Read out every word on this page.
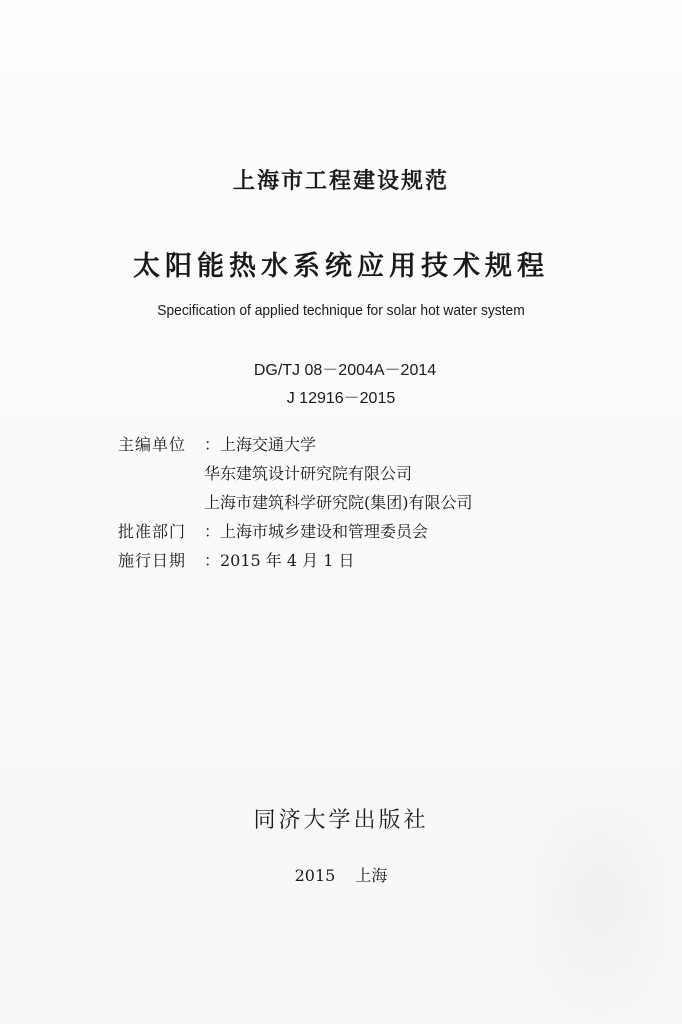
上海市工程建设规范
太阳能热水系统应用技术规程
Specification of applied technique for solar hot water system
DG/TJ 08－2004A－2014
J 12916－2015
主编单位 ：上海交通大学
华东建筑设计研究院有限公司
上海市建筑科学研究院(集团)有限公司
批准部门 ：上海市城乡建设和管理委员会
施行日期 ：2015 年 4 月 1 日
同济大学出版社
2015 上海
